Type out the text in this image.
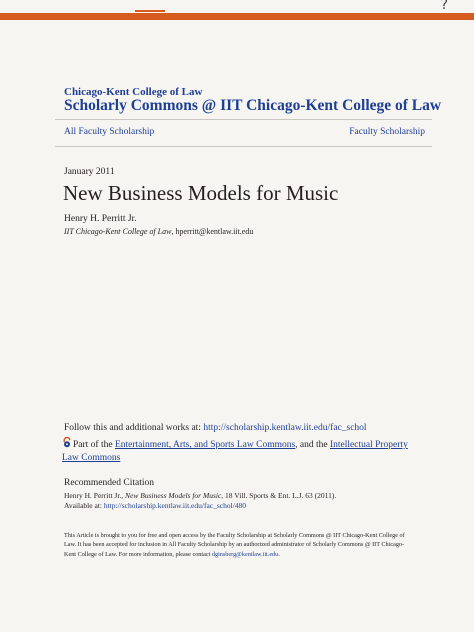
?
Chicago-Kent College of Law
Scholarly Commons @ IIT Chicago-Kent College of Law
All Faculty Scholarship	Faculty Scholarship
January 2011
New Business Models for Music
Henry H. Perritt Jr.
IIT Chicago-Kent College of Law, hperritt@kentlaw.iit.edu
Follow this and additional works at: http://scholarship.kentlaw.iit.edu/fac_schol
Part of the Entertainment, Arts, and Sports Law Commons, and the Intellectual Property Law Commons
Recommended Citation
Henry H. Perritt Jr., New Business Models for Music, 18 Vill. Sports & Ent. L.J. 63 (2011).
Available at: http://scholarship.kentlaw.iit.edu/fac_schol/480
This Article is brought to you for free and open access by the Faculty Scholarship at Scholarly Commons @ IIT Chicago-Kent College of Law. It has been accepted for inclusion in All Faculty Scholarship by an authorized administrator of Scholarly Commons @ IIT Chicago-Kent College of Law. For more information, please contact dginsberg@kentlaw.iit.edu.
